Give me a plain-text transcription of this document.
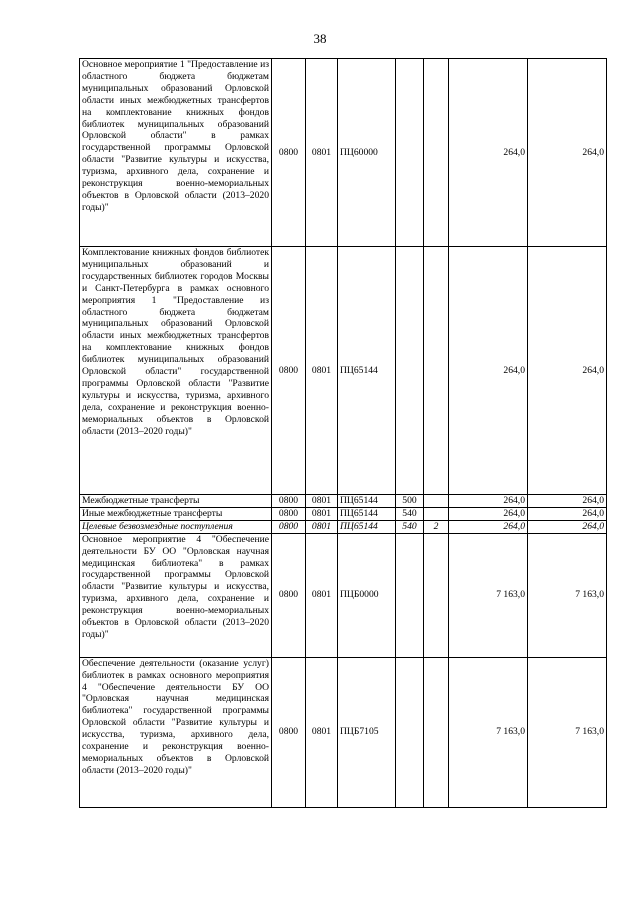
38
Основное мероприятие 1 "Предоставление из областного бюджета бюджетам муниципальных образований Орловской области иных межбюджетных трансфертов на комплектование книжных фондов библиотек муниципальных образований Орловской области" в рамках государственной программы Орловской области "Развитие культуры и искусства, туризма, архивного дела, сохранение и реконструкция военно-мемориальных объектов в Орловской области (2013–2020 годы)"	0800	0801	ПЦ60000			264,0	264,0
Комплектование книжных фондов библиотек муниципальных образований и государственных библиотек городов Москвы и Санкт-Петербурга в рамках основного мероприятия 1 "Предоставление из областного бюджета бюджетам муниципальных образований Орловской области иных межбюджетных трансфертов на комплектование книжных фондов библиотек муниципальных образований Орловской области" государственной программы Орловской области "Развитие культуры и искусства, туризма, архивного дела, сохранение и реконструкция военно-мемориальных объектов в Орловской области (2013–2020 годы)"	0800	0801	ПЦ65144			264,0	264,0
Межбюджетные трансферты	0800	0801	ПЦ65144	500		264,0	264,0
Иные межбюджетные трансферты	0800	0801	ПЦ65144	540		264,0	264,0
Целевые безвозмездные поступления	0800	0801	ПЦ65144	540	2	264,0	264,0
Основное мероприятие 4 "Обеспечение деятельности БУ ОО "Орловская научная медицинская библиотека" в рамках государственной программы Орловской области "Развитие культуры и искусства, туризма, архивного дела, сохранение и реконструкция военно-мемориальных объектов в Орловской области (2013–2020 годы)"	0800	0801	ПЦБ0000			7 163,0	7 163,0
Обеспечение деятельности (оказание услуг) библиотек в рамках основного мероприятия 4 "Обеспечение деятельности БУ ОО "Орловская научная медицинская библиотека" государственной программы Орловской области "Развитие культуры и искусства, туризма, архивного дела, сохранение и реконструкция военно-мемориальных объектов в Орловской области (2013–2020 годы)"	0800	0801	ПЦБ7105			7 163,0	7 163,0
